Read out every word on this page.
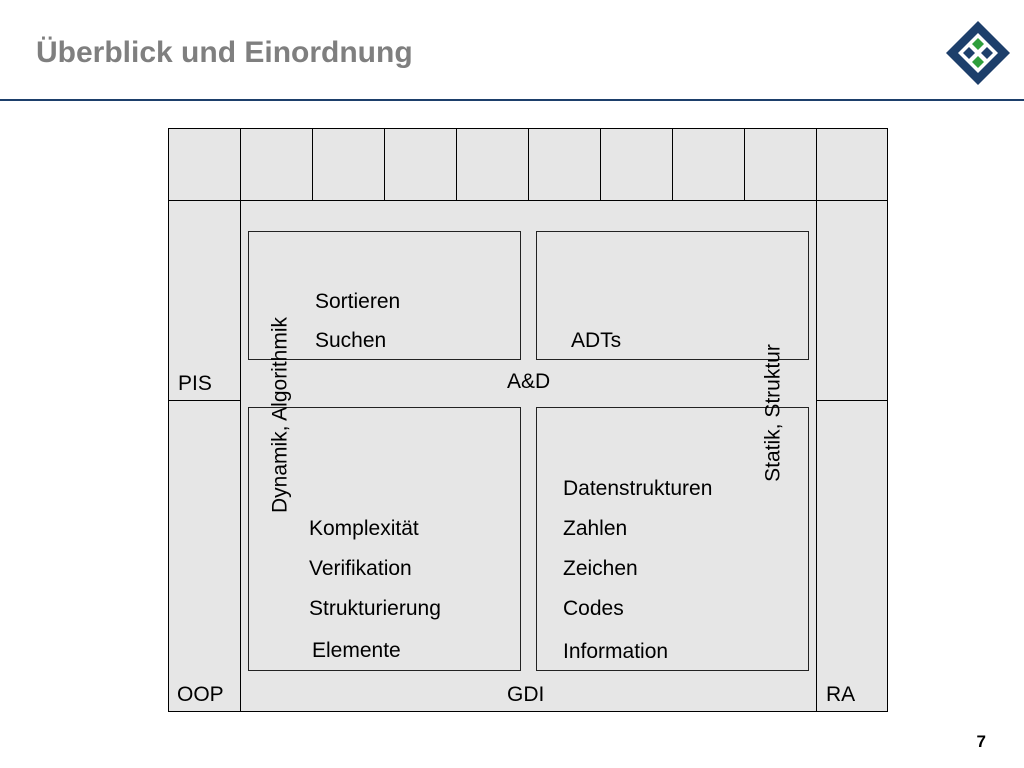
Überblick und Einordnung
PIS	A&D
OOP	GDI	RA
Dynamik, Algorithmik	Statik, Struktur
Sortieren
Suchen	ADTs
Komplexität
Verifikation
Strukturierung
Elemente
Datenstrukturen
Zahlen
Zeichen
Codes
Information
7
